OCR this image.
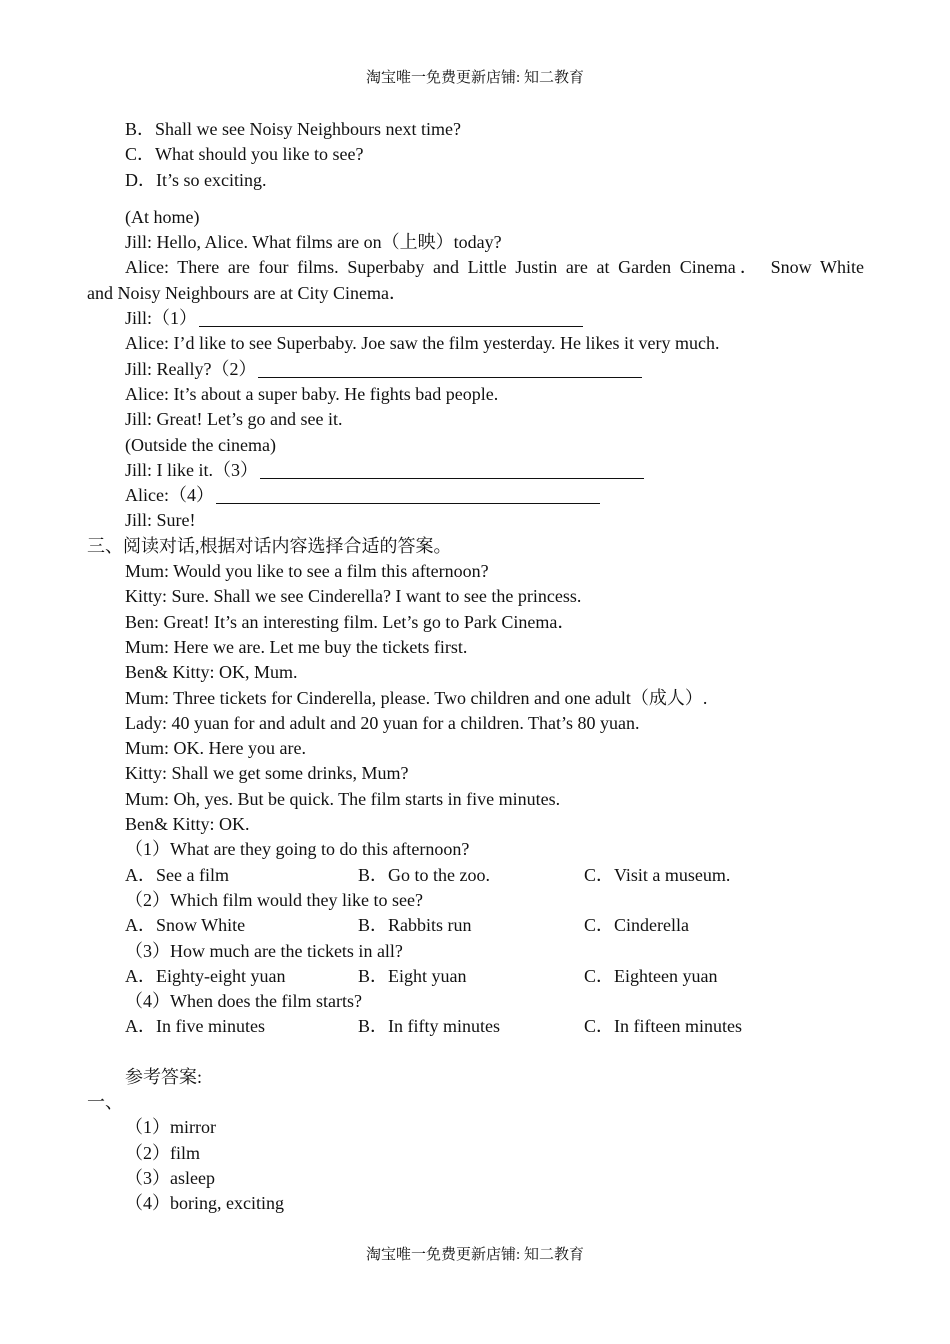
淘宝唯一免费更新店铺: 知二教育
B．Shall we see Noisy Neighbours next time?
C．What should you like to see?
D．It’s so exciting.
(At home)
Jill: Hello, Alice. What films are on（上映）today?
Alice: There are four films. Superbaby and Little Justin are at Garden Cinema． Snow White
and Noisy Neighbours are at City Cinema．
Jill:（1）
Alice: I’d like to see Superbaby. Joe saw the film yesterday. He likes it very much.
Jill: Really?（2）
Alice: It’s about a super baby. He fights bad people.
Jill: Great! Let’s go and see it.
(Outside the cinema)
Jill: I like it.（3）
Alice:（4）
Jill: Sure!
三、阅读对话,根据对话内容选择合适的答案。
Mum: Would you like to see a film this afternoon?
Kitty: Sure. Shall we see Cinderella? I want to see the princess.
Ben: Great! It’s an interesting film. Let’s go to Park Cinema．
Mum: Here we are. Let me buy the tickets first.
Ben& Kitty: OK, Mum.
Mum: Three tickets for Cinderella, please. Two children and one adult（成人）.
Lady: 40 yuan for and adult and 20 yuan for a children. That’s 80 yuan.
Mum: OK. Here you are.
Kitty: Shall we get some drinks, Mum?
Mum: Oh, yes. But be quick. The film starts in five minutes.
Ben& Kitty: OK.
（1）What are they going to do this afternoon?
A．See a film	B．Go to the zoo.	C．Visit a museum.
（2）Which film would they like to see?
A．Snow White	B．Rabbits run	C．Cinderella
（3）How much are the tickets in all?
A．Eighty-eight yuan	B．Eight yuan	C．Eighteen yuan
（4）When does the film starts?
A．In five minutes	B．In fifty minutes	C．In fifteen minutes
参考答案:
一、
（1）mirror
（2）film
（3）asleep
（4）boring, exciting
淘宝唯一免费更新店铺: 知二教育
